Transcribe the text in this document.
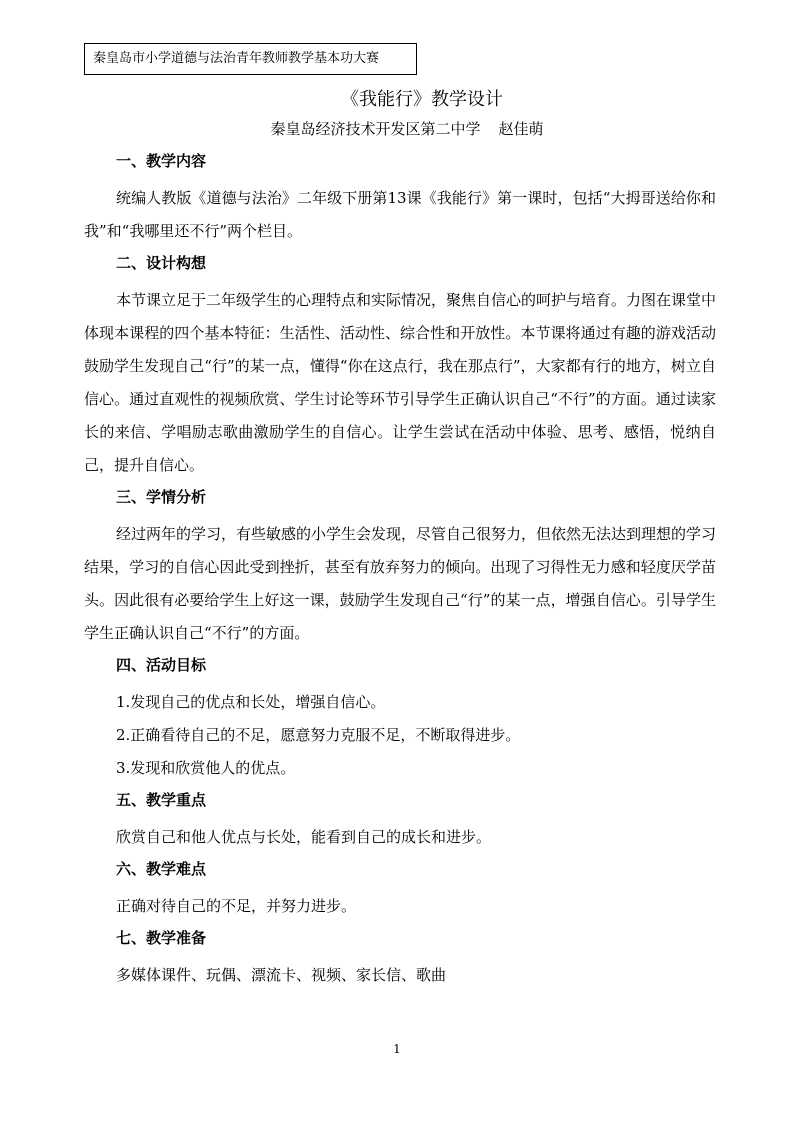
秦皇岛市小学道德与法治青年教师教学基本功大赛
《我能行》教学设计
秦皇岛经济技术开发区第二中学 赵佳萌
一、教学内容

统编人教版《道德与法治》二年级下册第13课《我能行》第一课时，包括“大拇哥送给你和我”和“我哪里还不行”两个栏目。

二、设计构想

本节课立足于二年级学生的心理特点和实际情况，聚焦自信心的呵护与培育。力图在课堂中体现本课程的四个基本特征：生活性、活动性、综合性和开放性。本节课将通过有趣的游戏活动鼓励学生发现自己“行”的某一点，懂得“你在这点行，我在那点行”，大家都有行的地方，树立自信心。通过直观性的视频欣赏、学生讨论等环节引导学生正确认识自己“不行”的方面。通过读家长的来信、学唱励志歌曲激励学生的自信心。让学生尝试在活动中体验、思考、感悟，悦纳自己，提升自信心。

三、学情分析

经过两年的学习，有些敏感的小学生会发现，尽管自己很努力，但依然无法达到理想的学习结果，学习的自信心因此受到挫折，甚至有放弃努力的倾向。出现了习得性无力感和轻度厌学苗头。因此很有必要给学生上好这一课，鼓励学生发现自己“行”的某一点，增强自信心。引导学生学生正确认识自己“不行”的方面。

四、活动目标
1.发现自己的优点和长处，增强自信心。
2.正确看待自己的不足，愿意努力克服不足，不断取得进步。
3.发现和欣赏他人的优点。
五、教学重点
欣赏自己和他人优点与长处，能看到自己的成长和进步。
六、教学难点
正确对待自己的不足，并努力进步。
七、教学准备
多媒体课件、玩偶、漂流卡、视频、家长信、歌曲
1
